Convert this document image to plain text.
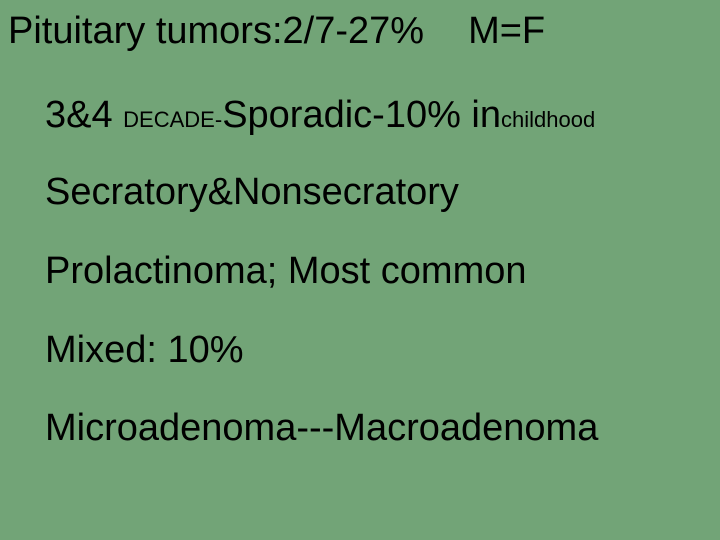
Pituitary tumors:2/7-27% M=F
3&4 DECADE-Sporadic-10% inchildhood
Secratory&Nonsecratory
Prolactinoma; Most common
Mixed: 10%
Microadenoma---Macroadenoma
